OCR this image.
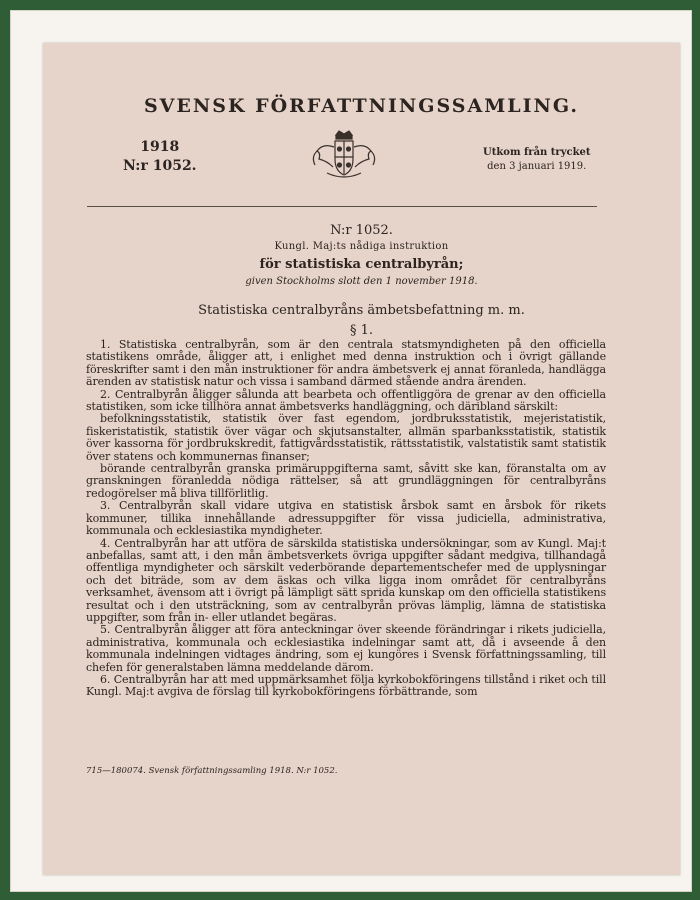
SVENSK FÖRFATTNINGSSAMLING.
1918
N:r 1052.
Utkom från trycket
den 3 januari 1919.
N:r 1052.
Kungl. Maj:ts nådiga instruktion
för statistiska centralbyrån;
given Stockholms slott den 1 november 1918.
Statistiska centralbyråns ämbetsbefattning m. m.
§ 1.

1. Statistiska centralbyrån, som är den centrala statsmyndigheten på den officiella statistikens område, åligger att, i enlighet med denna instruktion och i övrigt gällande föreskrifter samt i den mån instruktioner för andra ämbetsverk ej annat föranleda, handlägga ärenden av statistisk natur och vissa i samband därmed stående andra ärenden.

2. Centralbyrån åligger sålunda att bearbeta och offentliggöra de grenar av den officiella statistiken, som icke tillhöra annat ämbetsverks handläggning, och däribland särskilt:

befolkningsstatistik, statistik över fast egendom, jordbruksstatistik, mejeristatistik, fiskeristatistik, statistik över vägar och skjutsanstalter, allmän sparbanksstatistik, statistik över kassorna för jordbrukskredit, fattigvårdsstatistik, rättsstatistik, valstatistik samt statistik över statens och kommunernas finanser;

börande centralbyrån granska primäruppgifterna samt, såvitt ske kan, föranstalta om av granskningen föranledda nödiga rättelser, så att grundläggningen för centralbyråns redogörelser må bliva tillförlitlig.

3. Centralbyrån skall vidare utgiva en statistisk årsbok samt en årsbok för rikets kommuner, tillika innehållande adressuppgifter för vissa judiciella, administrativa, kommunala och ecklesiastika myndigheter.

4. Centralbyrån har att utföra de särskilda statistiska undersökningar, som av Kungl. Maj:t anbefallas, samt att, i den mån ämbetsverkets övriga uppgifter sådant medgiva, tillhandagå offentliga myndigheter och särskilt vederbörande departementschefer med de upplysningar och det biträde, som av dem äskas och vilka ligga inom området för centralbyråns verksamhet, ävensom att i övrigt på lämpligt sätt sprida kunskap om den officiella statistikens resultat och i den utsträckning, som av centralbyrån prövas lämplig, lämna de statistiska uppgifter, som från in- eller utlandet begäras.

5. Centralbyrån åligger att föra anteckningar över skeende förändringar i rikets judiciella, administrativa, kommunala och ecklesiastika indelningar samt att, då i avseende å den kommunala indelningen vidtages ändring, som ej kungöres i Svensk författningssamling, till chefen för generalstaben lämna meddelande därom.

6. Centralbyrån har att med uppmärksamhet följa kyrkobokföringens tillstånd i riket och till Kungl. Maj:t avgiva de förslag till kyrkobokföringens förbättrande, som

715—180074. Svensk författningssamling 1918. N:r 1052.
